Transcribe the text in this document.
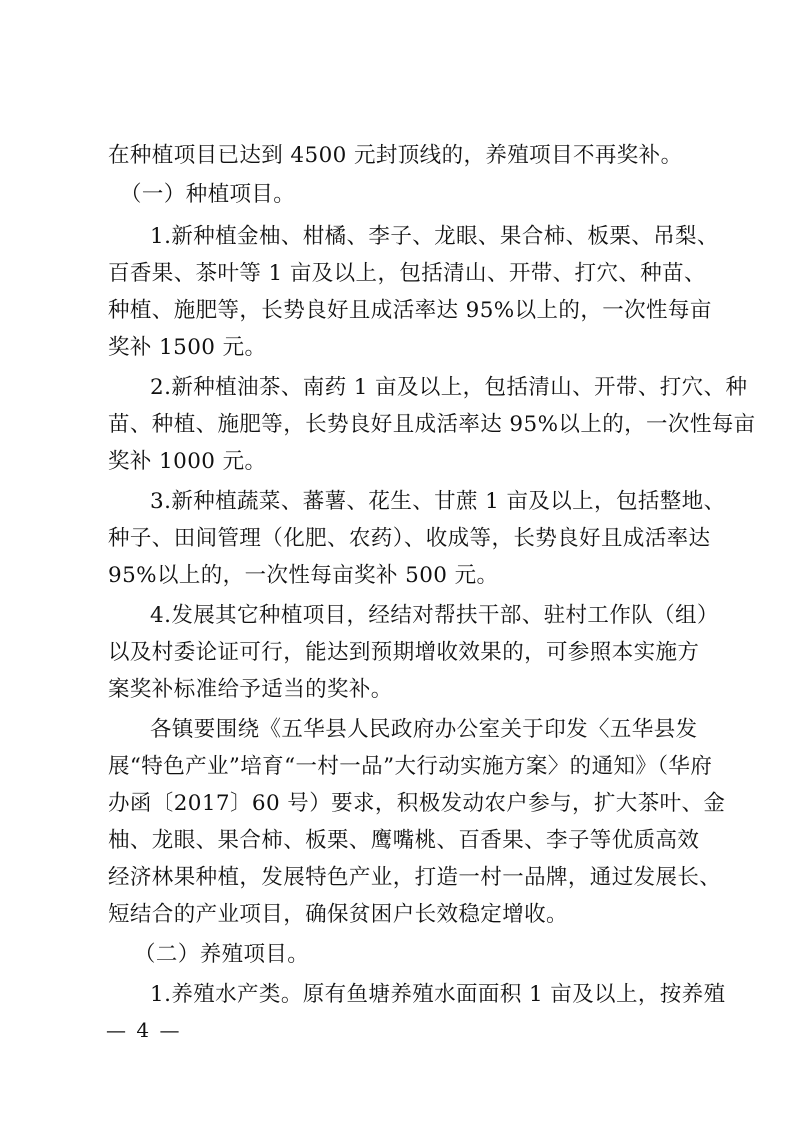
在种植项目已达到 4500 元封顶线的，养殖项目不再奖补。
（一）种植项目。
1.新种植金柚、柑橘、李子、龙眼、果合柿、板栗、吊梨、
百香果、茶叶等 1 亩及以上，包括清山、开带、打穴、种苗、
种植、施肥等，长势良好且成活率达 95%以上的，一次性每亩
奖补 1500 元。
2.新种植油茶、南药 1 亩及以上，包括清山、开带、打穴、种
苗、种植、施肥等，长势良好且成活率达 95%以上的，一次性每亩
奖补 1000 元。
3.新种植蔬菜、蕃薯、花生、甘蔗 1 亩及以上，包括整地、
种子、田间管理（化肥、农药）、收成等，长势良好且成活率达
95%以上的，一次性每亩奖补 500 元。
4.发展其它种植项目，经结对帮扶干部、驻村工作队（组）
以及村委论证可行，能达到预期增收效果的，可参照本实施方
案奖补标准给予适当的奖补。
各镇要围绕《五华县人民政府办公室关于印发〈五华县发
展“特色产业”培育“一村一品”大行动实施方案〉的通知》（华府
办函〔2017〕60 号）要求，积极发动农户参与，扩大茶叶、金
柚、龙眼、果合柿、板栗、鹰嘴桃、百香果、李子等优质高效
经济林果种植，发展特色产业，打造一村一品牌，通过发展长、
短结合的产业项目，确保贫困户长效稳定增收。
（二）养殖项目。
1.养殖水产类。原有鱼塘养殖水面面积 1 亩及以上，按养殖
— 4 —
